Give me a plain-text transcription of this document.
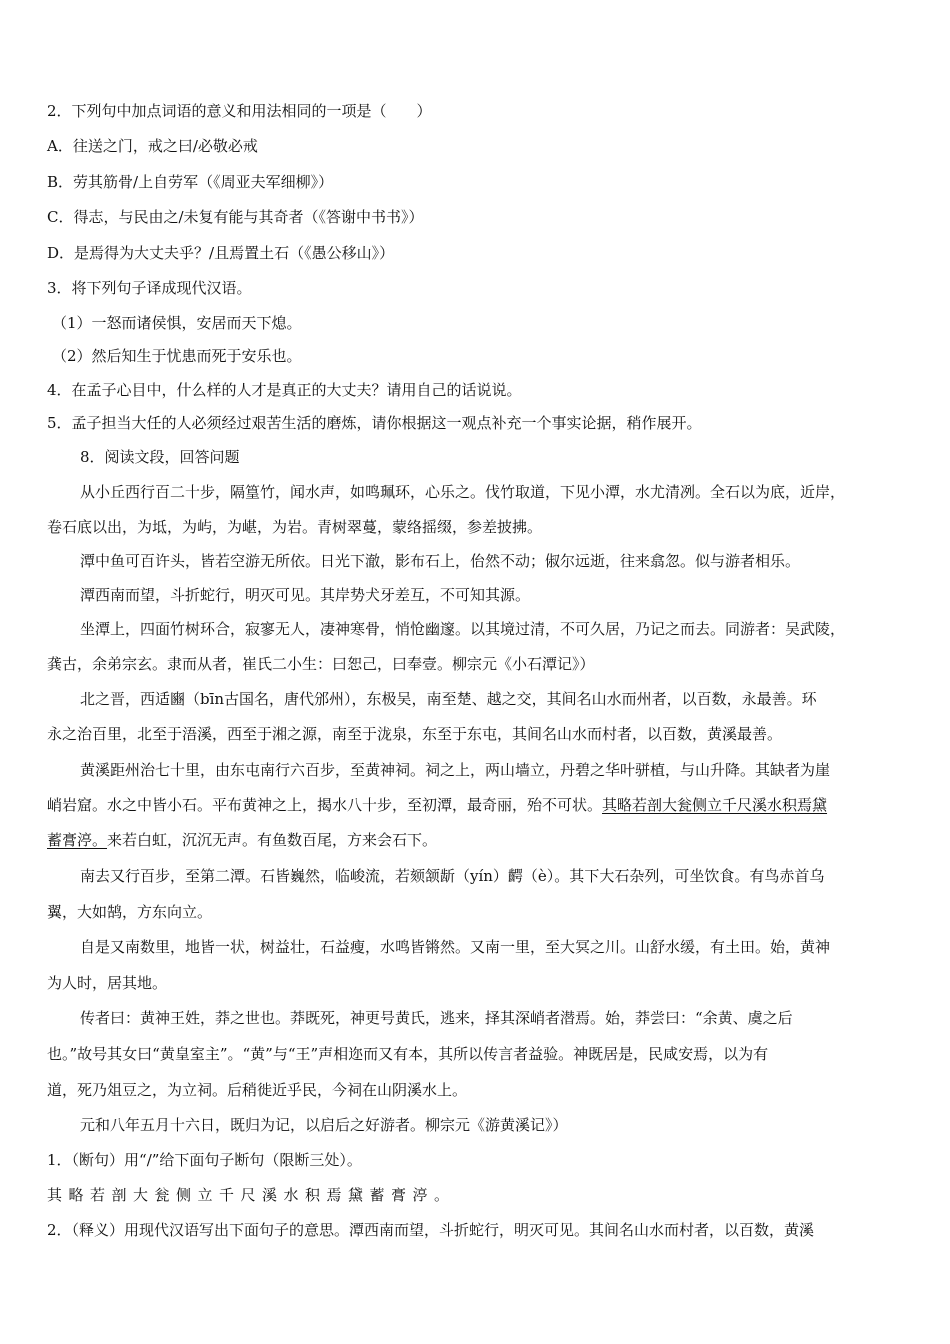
2．下列句中加点词语的意义和用法相同的一项是（　　）
A．往送之门，戒之曰/必敬必戒
B．劳其筋骨/上自劳军（《周亚夫军细柳》）
C．得志，与民由之/未复有能与其奇者（《答谢中书书》）
D．是焉得为大丈夫乎？/且焉置土石（《愚公移山》）
3．将下列句子译成现代汉语。
（1）一怒而诸侯惧，安居而天下熄。
（2）然后知生于忧患而死于安乐也。
4．在孟子心目中，什么样的人才是真正的大丈夫？请用自己的话说说。
5．孟子担当大任的人必须经过艰苦生活的磨炼，请你根据这一观点补充一个事实论据，稍作展开。
8．阅读文段，回答问题
从小丘西行百二十步，隔篁竹，闻水声，如鸣珮环，心乐之。伐竹取道，下见小潭，水尤清冽。全石以为底，近岸，
卷石底以出，为坻，为屿，为嵁，为岩。青树翠蔓，蒙络摇缀，参差披拂。
潭中鱼可百许头，皆若空游无所依。日光下澈，影布石上，佁然不动；俶尔远逝，往来翕忽。似与游者相乐。
潭西南而望，斗折蛇行，明灭可见。其岸势犬牙差互，不可知其源。
坐潭上，四面竹树环合，寂寥无人，凄神寒骨，悄怆幽邃。以其境过清，不可久居，乃记之而去。同游者：吴武陵，
龚古，余弟宗玄。隶而从者，崔氏二小生：曰恕己，曰奉壹。柳宗元《小石潭记》）
北之晋，西适豳（bīn古国名，唐代邠州），东极吴，南至楚、越之交，其间名山水而州者，以百数，永最善。环
永之治百里，北至于浯溪，西至于湘之源，南至于泷泉，东至于东屯，其间名山水而村者，以百数，黄溪最善。
黄溪距州治七十里，由东屯南行六百步，至黄神祠。祠之上，两山墙立，丹碧之华叶骈植，与山升降。其缺者为崖
峭岩窟。水之中皆小石。平布黄神之上，揭水八十步，至初潭，最奇丽，殆不可状。其略若剖大瓮侧立千尺溪水积焉黛
蓄膏渟。来若白虹，沉沉无声。有鱼数百尾，方来会石下。
南去又行百步，至第二潭。石皆巍然，临峻流，若颏颔龂（yín）齶（è）。其下大石杂列，可坐饮食。有鸟赤首乌
翼，大如鹄，方东向立。
自是又南数里，地皆一状，树益壮，石益瘦，水鸣皆锵然。又南一里，至大冥之川。山舒水缓，有土田。始，黄神
为人时，居其地。
传者曰：黄神王姓，莽之世也。莽既死，神更号黄氏，逃来，择其深峭者潜焉。始，莽尝曰：“余黄、虞之后
也。”故号其女曰“黄皇室主”。“黄”与“王”声相迩而又有本，其所以传言者益验。神既居是，民咸安焉，以为有
道，死乃俎豆之，为立祠。后稍徙近乎民，今祠在山阴溪水上。
元和八年五月十六日，既归为记，以启后之好游者。柳宗元《游黄溪记》）
1．（断句）用“/”给下面句子断句（限断三处）。
其略若剖大瓮侧立千尺溪水积焉黛蓄膏渟。
2．（释义）用现代汉语写出下面句子的意思。潭西南而望，斗折蛇行，明灭可见。其间名山水而村者，以百数，黄溪
